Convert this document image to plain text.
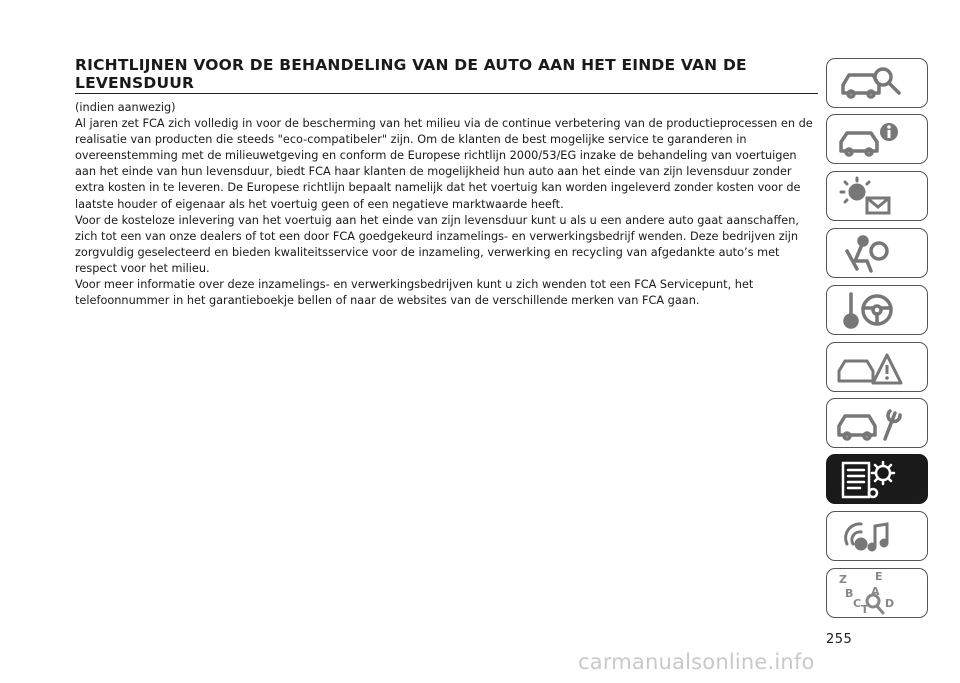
RICHTLIJNEN VOOR DE BEHANDELING VAN DE AUTO AAN HET EINDE VAN DE LEVENSDUUR

(indien aanwezig)

Al jaren zet FCA zich volledig in voor de bescherming van het milieu via de continue verbetering van de productieprocessen en de realisatie van producten die steeds "eco-compatibeler" zijn. Om de klanten de best mogelijke service te garanderen in overeenstemming met de milieuwetgeving en conform de Europese richtlijn 2000/53/EG inzake de behandeling van voertuigen aan het einde van hun levensduur, biedt FCA haar klanten de mogelijkheid hun auto aan het einde van zijn levensduur zonder extra kosten in te leveren. De Europese richtlijn bepaalt namelijk dat het voertuig kan worden ingeleverd zonder kosten voor de laatste houder of eigenaar als het voertuig geen of een negatieve marktwaarde heeft.

Voor de kosteloze inlevering van het voertuig aan het einde van zijn levensduur kunt u als u een andere auto gaat aanschaffen, zich tot een van onze dealers of tot een door FCA goedgekeurd inzamelings- en verwerkingsbedrijf wenden. Deze bedrijven zijn zorgvuldig geselecteerd en bieden kwaliteitsservice voor de inzameling, verwerking en recycling van afgedankte auto’s met respect voor het milieu.

Voor meer informatie over deze inzamelings- en verwerkingsbedrijven kunt u zich wenden tot een FCA Servicepunt, het telefoonnummer in het garantieboekje bellen of naar de websites van de verschillende merken van FCA gaan.

Z	E
B A
C T D
255
carmanualsonline.info
